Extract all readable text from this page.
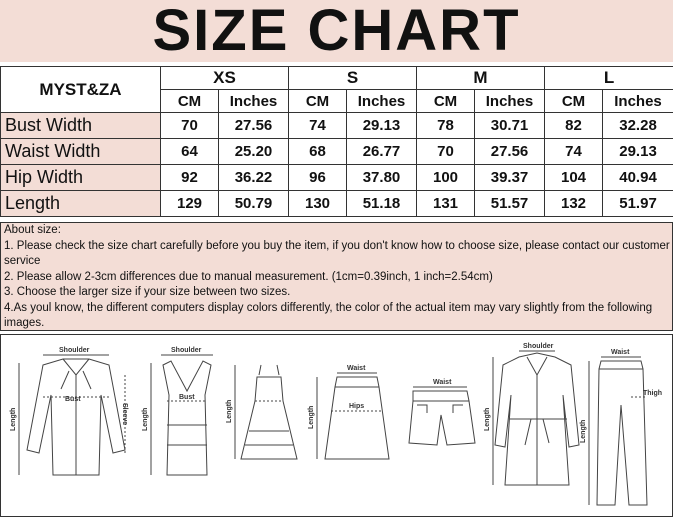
SIZE CHART
MYST&ZA	XS		S		M		L	
	CM	Inches	CM	Inches	CM	Inches	CM	Inches
Bust Width	70	27.56	74	29.13	78	30.71	82	32.28
Waist Width	64	25.20	68	26.77	70	27.56	74	29.13
Hip Width	92	36.22	96	37.80	100	39.37	104	40.94
Length	129	50.79	130	51.18	131	51.57	132	51.97

About size:

1. Please check the size chart carefully before you buy the item, if you don't know how to choose size, please contact our customer service

2. Please allow 2-3cm differences due to manual measurement. (1cm=0.39inch, 1 inch=2.54cm)

3. Choose the larger size if your size between two sizes.

4.As youl know, the different computers display colors differently, the color of the actual item may vary slightly from the following images.

Shoulder
Bust
Length	Sleeve
Shoulder
Bust
Length	Length
Waist
Hips
Length
Waist
Shoulder
Length
Waist
Thigh
Length
